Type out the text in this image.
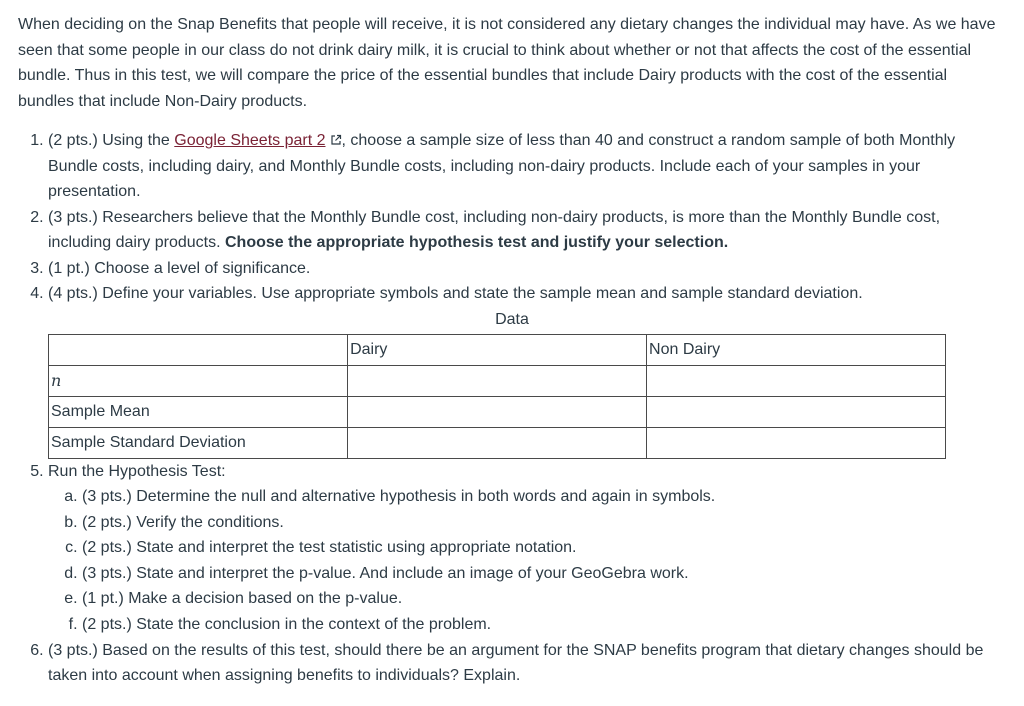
When deciding on the Snap Benefits that people will receive, it is not considered any dietary changes the individual may have. As we have seen that some people in our class do not drink dairy milk, it is crucial to think about whether or not that affects the cost of the essential bundle. Thus in this test, we will compare the price of the essential bundles that include Dairy products with the cost of the essential bundles that include Non-Dairy products.

1. (2 pts.) Using the Google Sheets part 2 , choose a sample size of less than 40 and construct a random sample of both Monthly Bundle costs, including dairy, and Monthly Bundle costs, including non-dairy products. Include each of your samples in your presentation.
2. (3 pts.) Researchers believe that the Monthly Bundle cost, including non-dairy products, is more than the Monthly Bundle cost, including dairy products. Choose the appropriate hypothesis test and justify your selection.
3. (1 pt.) Choose a level of significance.
4. (4 pts.) Define your variables. Use appropriate symbols and state the sample mean and sample standard deviation.
Data
	Dairy	Non Dairy
n		
Sample Mean		
Sample Standard Deviation		
5. Run the Hypothesis Test:
a. (3 pts.) Determine the null and alternative hypothesis in both words and again in symbols.
b. (2 pts.) Verify the conditions.
c. (2 pts.) State and interpret the test statistic using appropriate notation.
d. (3 pts.) State and interpret the p-value. And include an image of your GeoGebra work.
e. (1 pt.) Make a decision based on the p-value.
f. (2 pts.) State the conclusion in the context of the problem.
6. (3 pts.) Based on the results of this test, should there be an argument for the SNAP benefits program that dietary changes should be taken into account when assigning benefits to individuals? Explain.
